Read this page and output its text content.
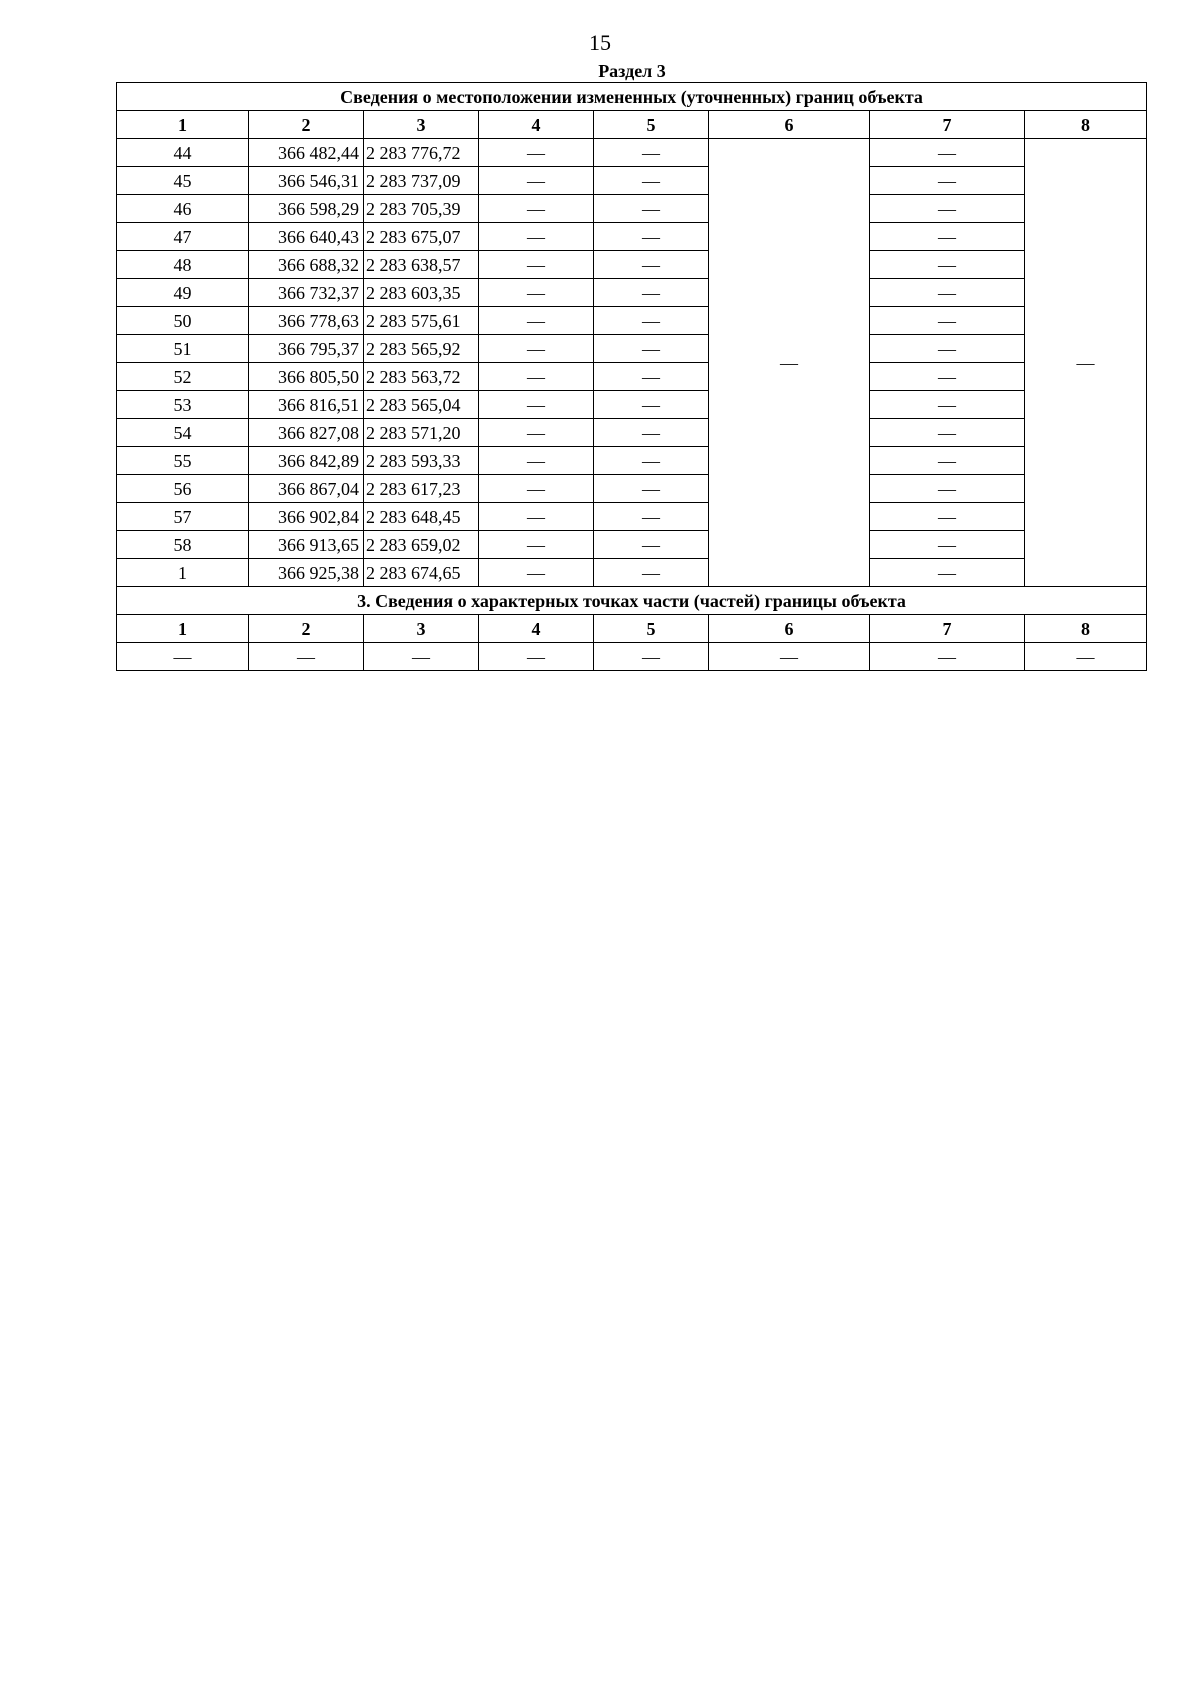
15
Раздел 3
Сведения о местоположении измененных (уточненных) границ объекта							
1	2	3	4	5	6	7	8
44	366 482,44	2 283 776,72	—	—	—	—	—
45	366 546,31	2 283 737,09	—	—		—	
46	366 598,29	2 283 705,39	—	—		—	
47	366 640,43	2 283 675,07	—	—		—	
48	366 688,32	2 283 638,57	—	—		—	
49	366 732,37	2 283 603,35	—	—		—	
50	366 778,63	2 283 575,61	—	—		—	
51	366 795,37	2 283 565,92	—	—		—	
52	366 805,50	2 283 563,72	—	—		—	
53	366 816,51	2 283 565,04	—	—		—	
54	366 827,08	2 283 571,20	—	—		—	
55	366 842,89	2 283 593,33	—	—		—	
56	366 867,04	2 283 617,23	—	—		—	
57	366 902,84	2 283 648,45	—	—		—	
58	366 913,65	2 283 659,02	—	—		—	
1	366 925,38	2 283 674,65	—	—		—	
3. Сведения о характерных точках части (частей) границы объекта							
1	2	3	4	5	6	7	8
—	—	—	—	—	—	—	—
